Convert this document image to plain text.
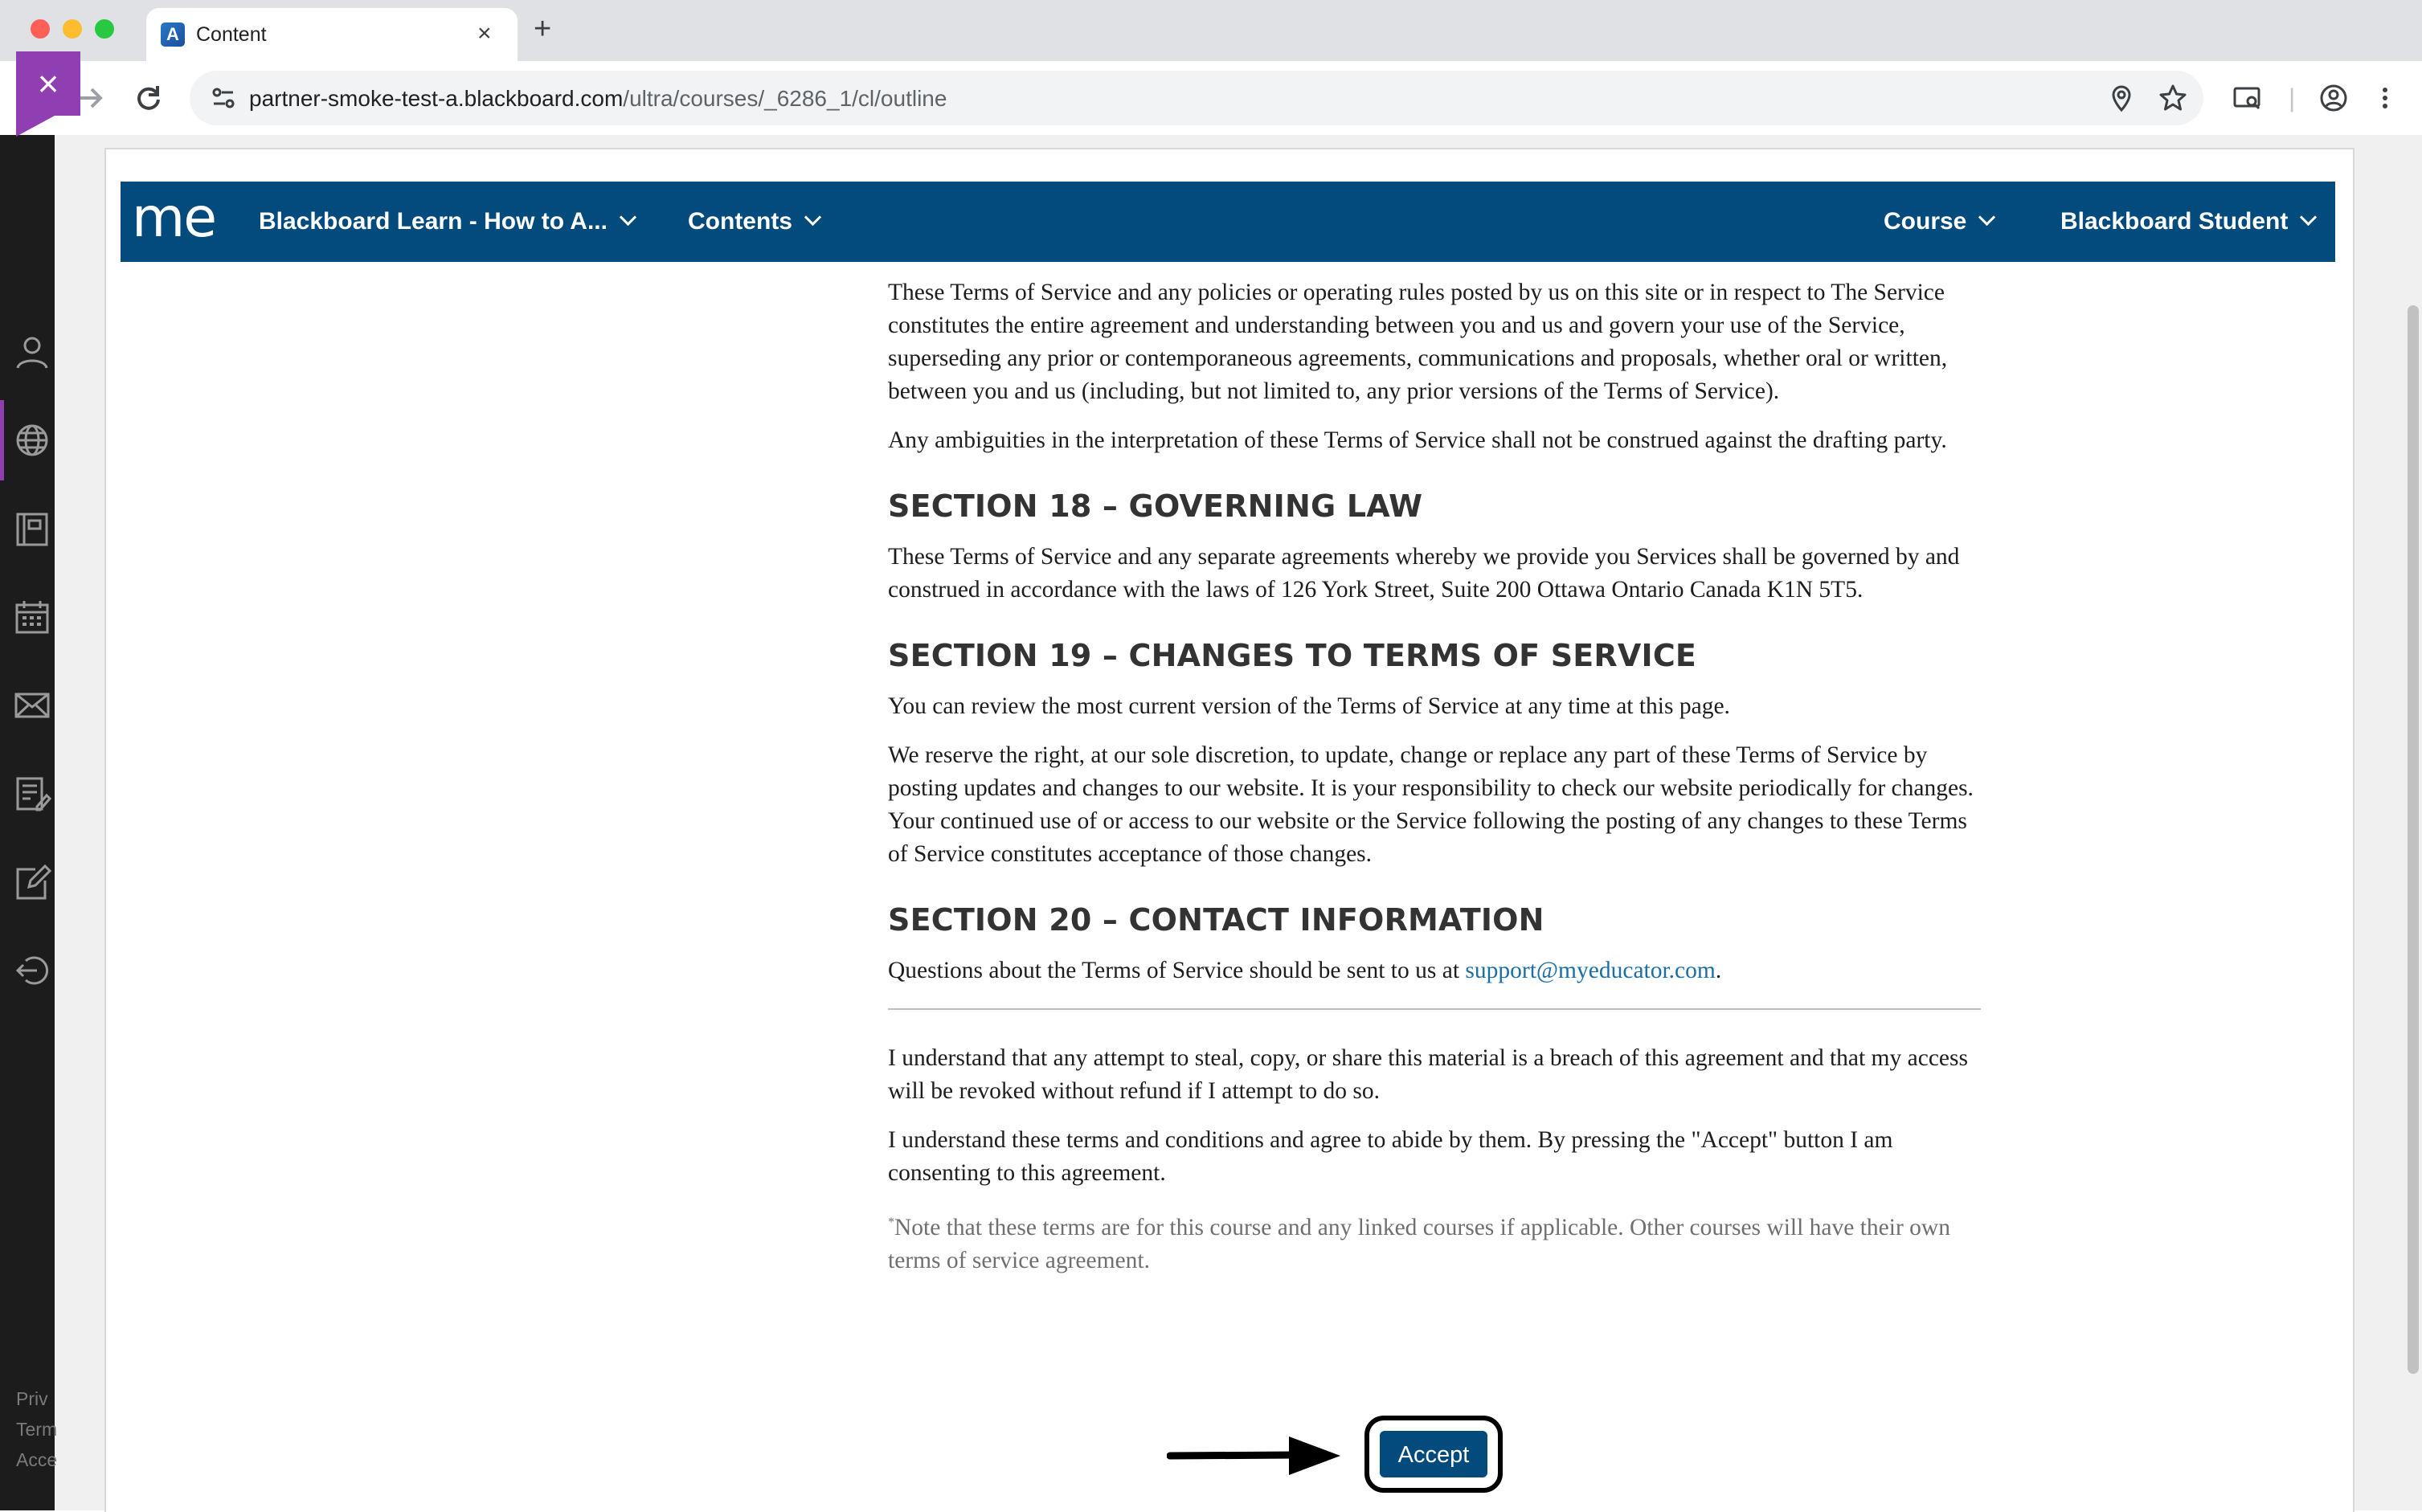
A Content	× +
partner-smoke-test-a.blackboard.com/ultra/courses/_6286_1/cl/outline	|
Priv
Term
Acce
×
me Blackboard Learn - How to A...	Contents	Course	Blackboard Student

These Terms of Service and any policies or operating rules posted by us on this site or in respect to The Service constitutes the entire agreement and understanding between you and us and govern your use of the Service, superseding any prior or contemporaneous agreements, communications and proposals, whether oral or written, between you and us (including, but not limited to, any prior versions of the Terms of Service).

Any ambiguities in the interpretation of these Terms of Service shall not be construed against the drafting party.

SECTION 18 – GOVERNING LAW

These Terms of Service and any separate agreements whereby we provide you Services shall be governed by and construed in accordance with the laws of 126 York Street, Suite 200 Ottawa Ontario Canada K1N 5T5.

SECTION 19 – CHANGES TO TERMS OF SERVICE

You can review the most current version of the Terms of Service at any time at this page.

We reserve the right, at our sole discretion, to update, change or replace any part of these Terms of Service by posting updates and changes to our website. It is your responsibility to check our website periodically for changes. Your continued use of or access to our website or the Service following the posting of any changes to these Terms of Service constitutes acceptance of those changes.

SECTION 20 – CONTACT INFORMATION

Questions about the Terms of Service should be sent to us at support@myeducator.com.

I understand that any attempt to steal, copy, or share this material is a breach of this agreement and that my access will be revoked without refund if I attempt to do so.

I understand these terms and conditions and agree to abide by them. By pressing the "Accept" button I am consenting to this agreement.

*Note that these terms are for this course and any linked courses if applicable. Other courses will have their own terms of service agreement.

Accept
